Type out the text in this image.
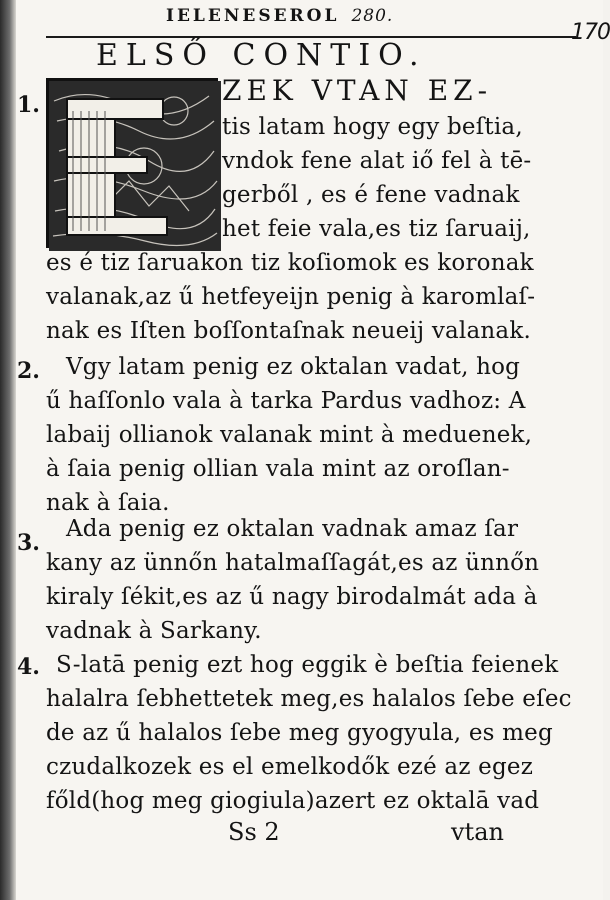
IELENESEROL 280.
170
ELSŐ CONTIO.
1.	ZEK VTAN EZ-
tis latam hogy egy beſtia,
vndok fene alat iő fel à tē-
gerből , es é fene vadnak
het feie vala,es tiz ſaruaij,
es é tiz ſaruakon tiz koſiomok es koronak
valanak,az ű hetfeyeijn penig à karomlaſ-
nak es Iſten boſſontaſnak neueij valanak.
2. Vgy latam penig ez oktalan vadat, hog
ű haſſonlo vala à tarka Pardus vadhoz: A
labaij ollianok valanak mint à meduenek,
à ſaia penig ollian vala mint az oroſlan-
nak à ſaia.
3.
Ada penig ez oktalan vadnak amaz ſar
kany az ünnőn hatalmaſſagát,es az ünnőn
kiraly ſékit,es az ű nagy birodalmát ada à
vadnak à Sarkany.
4. S-latā penig ezt hog eggik è beſtia feienek
halalra ſebhettetek meg,es halalos ſebe eſec
de az ű halalos ſebe meg gyogyula, es meg
czudalkozek es el emelkodők ezé az egez
főld(hog meg giogiula)azert ez oktalā vad
Ss 2	vtan
